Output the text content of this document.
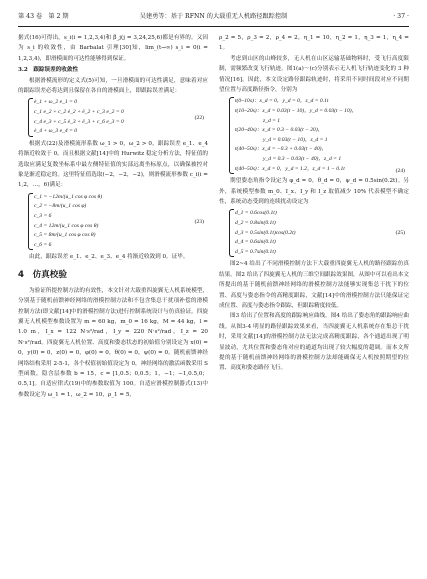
第 43 卷　第 2 期	吴建勇等：基于 RFNN 的大载重无人机路径跟踪控制	· 37 ·

据式(16)可得出，s_i(i = 1,2,3,4)和 β̂_j(j = 3,24,25,6)都是有界的。又因为 s_i 的收敛性，由 Barbalat 引理[30]知，lim_(t→∞) s_i = 0(i = 1,2,3,4)，即滑模面的可达性能够得到保证。

3.2　跟踪误差的收敛性

根据滑模流形的定义式(5)可知，一旦滑模面的可达性满足，意味着对应的跟踪误差必将达到且保留在各自的滑模面上，即跟踪误差满足：

ė_1 + ω_2 e_1 = 0
c_1 e_2 + c_2 ė_2 + ë_2 + c_3 e_2 = 0
c_4 e_3 + c_5 ė_3 + ë_3 + c_6 e_3 = 0
ė_4 + ω_3 e_4 = 0
(22)

根据式(22)及滑模流形系数 ω_1 > 0，ω_2 > 0，跟踪误差 e_1、e_4 将渐近收敛于 0。而且根据文献[14]中的 Hurwitz 稳定分析方法，特征值的选取应满足复数坐标系中最左侧特征值的实部远离坐标原点，以确保被控对象是渐近稳定的。这里特征值选取(−2，−2，−2)，则滑模流形参数 c_i(i = 1,2，…，6)满足：

c_1 = −12m/(u_1 cos φ cos θ)
c_2 = −8m/(u_1 cos φ)
c_3 = 6
c_4 = 12m/(u_1 cos φ cos θ)
c_5 = 8m/(u_1 cos φ cos θ)
c_6 = 6
(23)

由此，跟踪误差 e_1、e_2、e_3、e_4 将渐近收敛到 0。证毕。

4　仿真校验

为验证所提控制方法的有效性，本文针对大载重四旋翼无人机系统模型，分别基于随机前馈神经网络的滑模控制方法和不包含集总干扰项补偿的滑模控制方法(即文献[14]中的滑模控制方法)进行控制系统设计与仿真验证。四旋翼无人机模型参数设置为 m = 60 kg，m_0 = 16 kg，M = 44 kg，l = 1.0 m，I_x = 122 N·s²/rad，I_y = 220 N·s²/rad，I_z = 20 N·s²/rad。四旋翼无人机位置、高度和姿态状态的初始值分别设定为 x(0) = 0，y(0) = 0，z(0) = 0，φ(0) = 0，θ(0) = 0，ψ(0) = 0。随机前馈神经网络结构采用 2-5-1，各个权值初始值设定为 0，神经网络的激活函数采用 S 型函数，隐含层参数 b = 15，c = [1,0.5；0,0.5；1，−1；−1,0.5,0；0.5,1]。自适应律式(19)中的参数取值为 100。自适应滑模控制器式(13)中参数设定为 ω_1 = 1，ω_2 = 10，ρ_1 = 5，

ρ_2 = 5，ρ_3 = 2，ρ_4 = 2，η_1 = 10，η_2 = 1，η_3 = 1，η_4 = 1。

考虑到山区的山峰较多，无人机在山区运输基础物料时，受飞行高度限制，需频繁改变飞行轨迹。图1(a)～(c)分别表示无人机飞行轨迹变化的 3 种情况[16]。因此，本文设定路径跟踪轨迹时，将采用不同时间段对应不同期望位置与高度路径指令，分别为

t(0~10s)：x_d = 0，y_d = 0，z_d = 0.1t
t(10~20s)：x_d = 0.03(t − 10)，y_d = 0.03(t − 10)，
　　　　　z_d = 1
t(20~40s)：x_d = 0.3 − 0.03(t − 20)，
　　　　　y_d = 0.03(t − 10)，z_d = 1
t(40~50s)：x_d = −0.3 + 0.03(t − 40)，
　　　　　y_d = 0.3 − 0.03(t − 40)，z_d = 1
t(40~50s)：x_d = 0，y_d = 1.2，z_d = 1 − 0.1t	(24)

期望姿态角指令设定为 φ_d = 0，θ_d = 0，ψ_d = 0.5sin(0.2t)。另外，系统模型参数 m_0、I_x、I_y 和 I_z 取值减少 10% 代表模型不确定性，系统动态受到的连续扰动设定为

d_1 = 0.6cos(0.1t)
d_2 = 0.8sin(0.1t)
d_3 = 0.5sin(0.1t)cos(0.2t)
d_4 = 0.6sin(0.1t)
d_5 = 0.7sin(0.1t)
(25)

图2~4 给出了不同滑模控制方法下大载重四旋翼无人机的路径跟踪仿真结果。图2 给出了四旋翼无人机的三维空间跟踪效果图，从图中可以看出本文所提出的基于随机前馈神经网络的滑模控制方法能够实现集总干扰下的位置、高度与姿态指令的高精度跟踪，文献[14]中的滑模控制方法只能保证完成位置、高度与姿态指令跟踪，但跟踪精度较低。

图3 给出了位置和高度的跟踪响应曲线。图4 给出了姿态角的跟踪响应曲线。从图3-4 明显的路径跟踪效果来看，当四旋翼无人机系统存在集总干扰时，采用文献[14]的滑模控制方法无法完成高精度跟踪，各个通道出现了明显波动，尤其位置和姿态角对应的通道均出现了较大幅度的超调。而本文所提的基于随机前馈神经网络的滑模控制方法却能确保无人机按照期望的位置、高度和姿态路径飞行。
